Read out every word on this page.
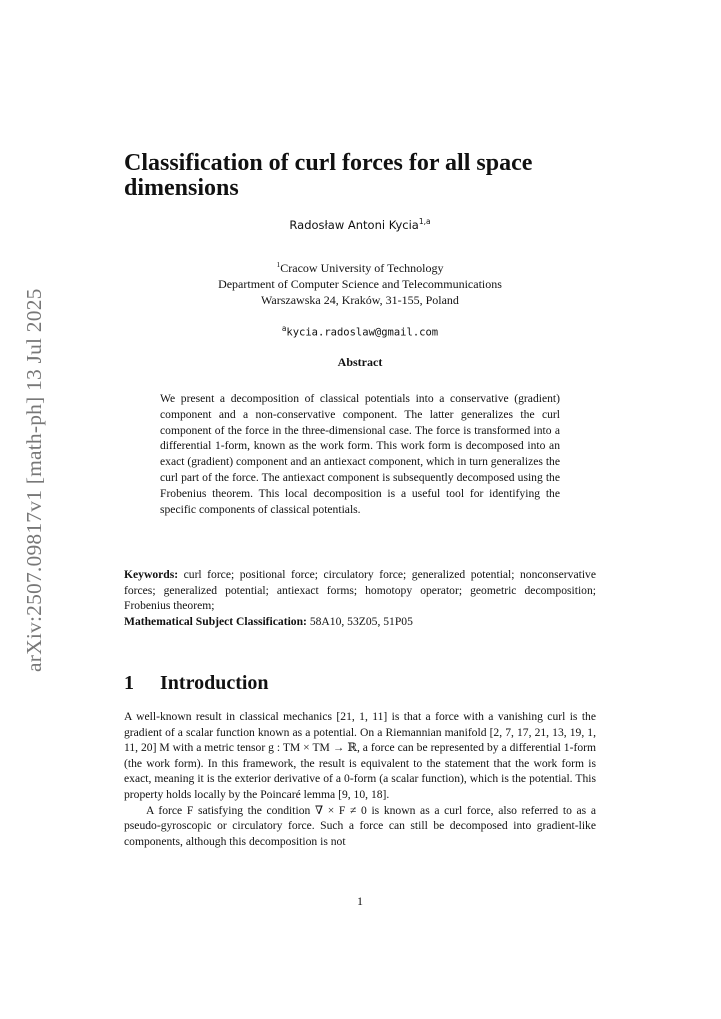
arXiv:2507.09817v1 [math-ph] 13 Jul 2025
Classification of curl forces for all space dimensions
Radosław Antoni Kycia$^{1,a}$
$^1$Cracow University of Technology
Department of Computer Science and Telecommunications
Warszawska 24, Kraków, 31-155, Poland
$^a$kycia.radoslaw@gmail.com
Abstract

We present a decomposition of classical potentials into a conservative (gradient) component and a non-conservative component. The latter generalizes the curl component of the force in the three-dimensional case. The force is transformed into a differential 1-form, known as the work form. This work form is decomposed into an exact (gradient) component and an antiexact component, which in turn generalizes the curl part of the force. The antiexact component is subsequently decomposed using the Frobenius theorem. This local decomposition is a useful tool for identifying the specific components of classical potentials.

Keywords: curl force; positional force; circulatory force; generalized potential; nonconservative forces; generalized potential; antiexact forms; homotopy operator; geometric decomposition; Frobenius theorem;
Mathematical Subject Classification: 58A10, 53Z05, 51P05

1 Introduction

A well-known result in classical mechanics [21, 1, 11] is that a force with a vanishing curl is the gradient of a scalar function known as a potential. On a Riemannian manifold [2, 7, 17, 21, 13, 19, 1, 11, 20] M with a metric tensor g : TM × TM → ℝ, a force can be represented by a differential 1-form (the work form). In this framework, the result is equivalent to the statement that the work form is exact, meaning it is the exterior derivative of a 0-form (a scalar function), which is the potential. This property holds locally by the Poincaré lemma [9, 10, 18].

A force F satisfying the condition ∇ × F ≠ 0 is known as a curl force, also referred to as a pseudo-gyroscopic or circulatory force. Such a force can still be decomposed into gradient-like components, although this decomposition is not

1
